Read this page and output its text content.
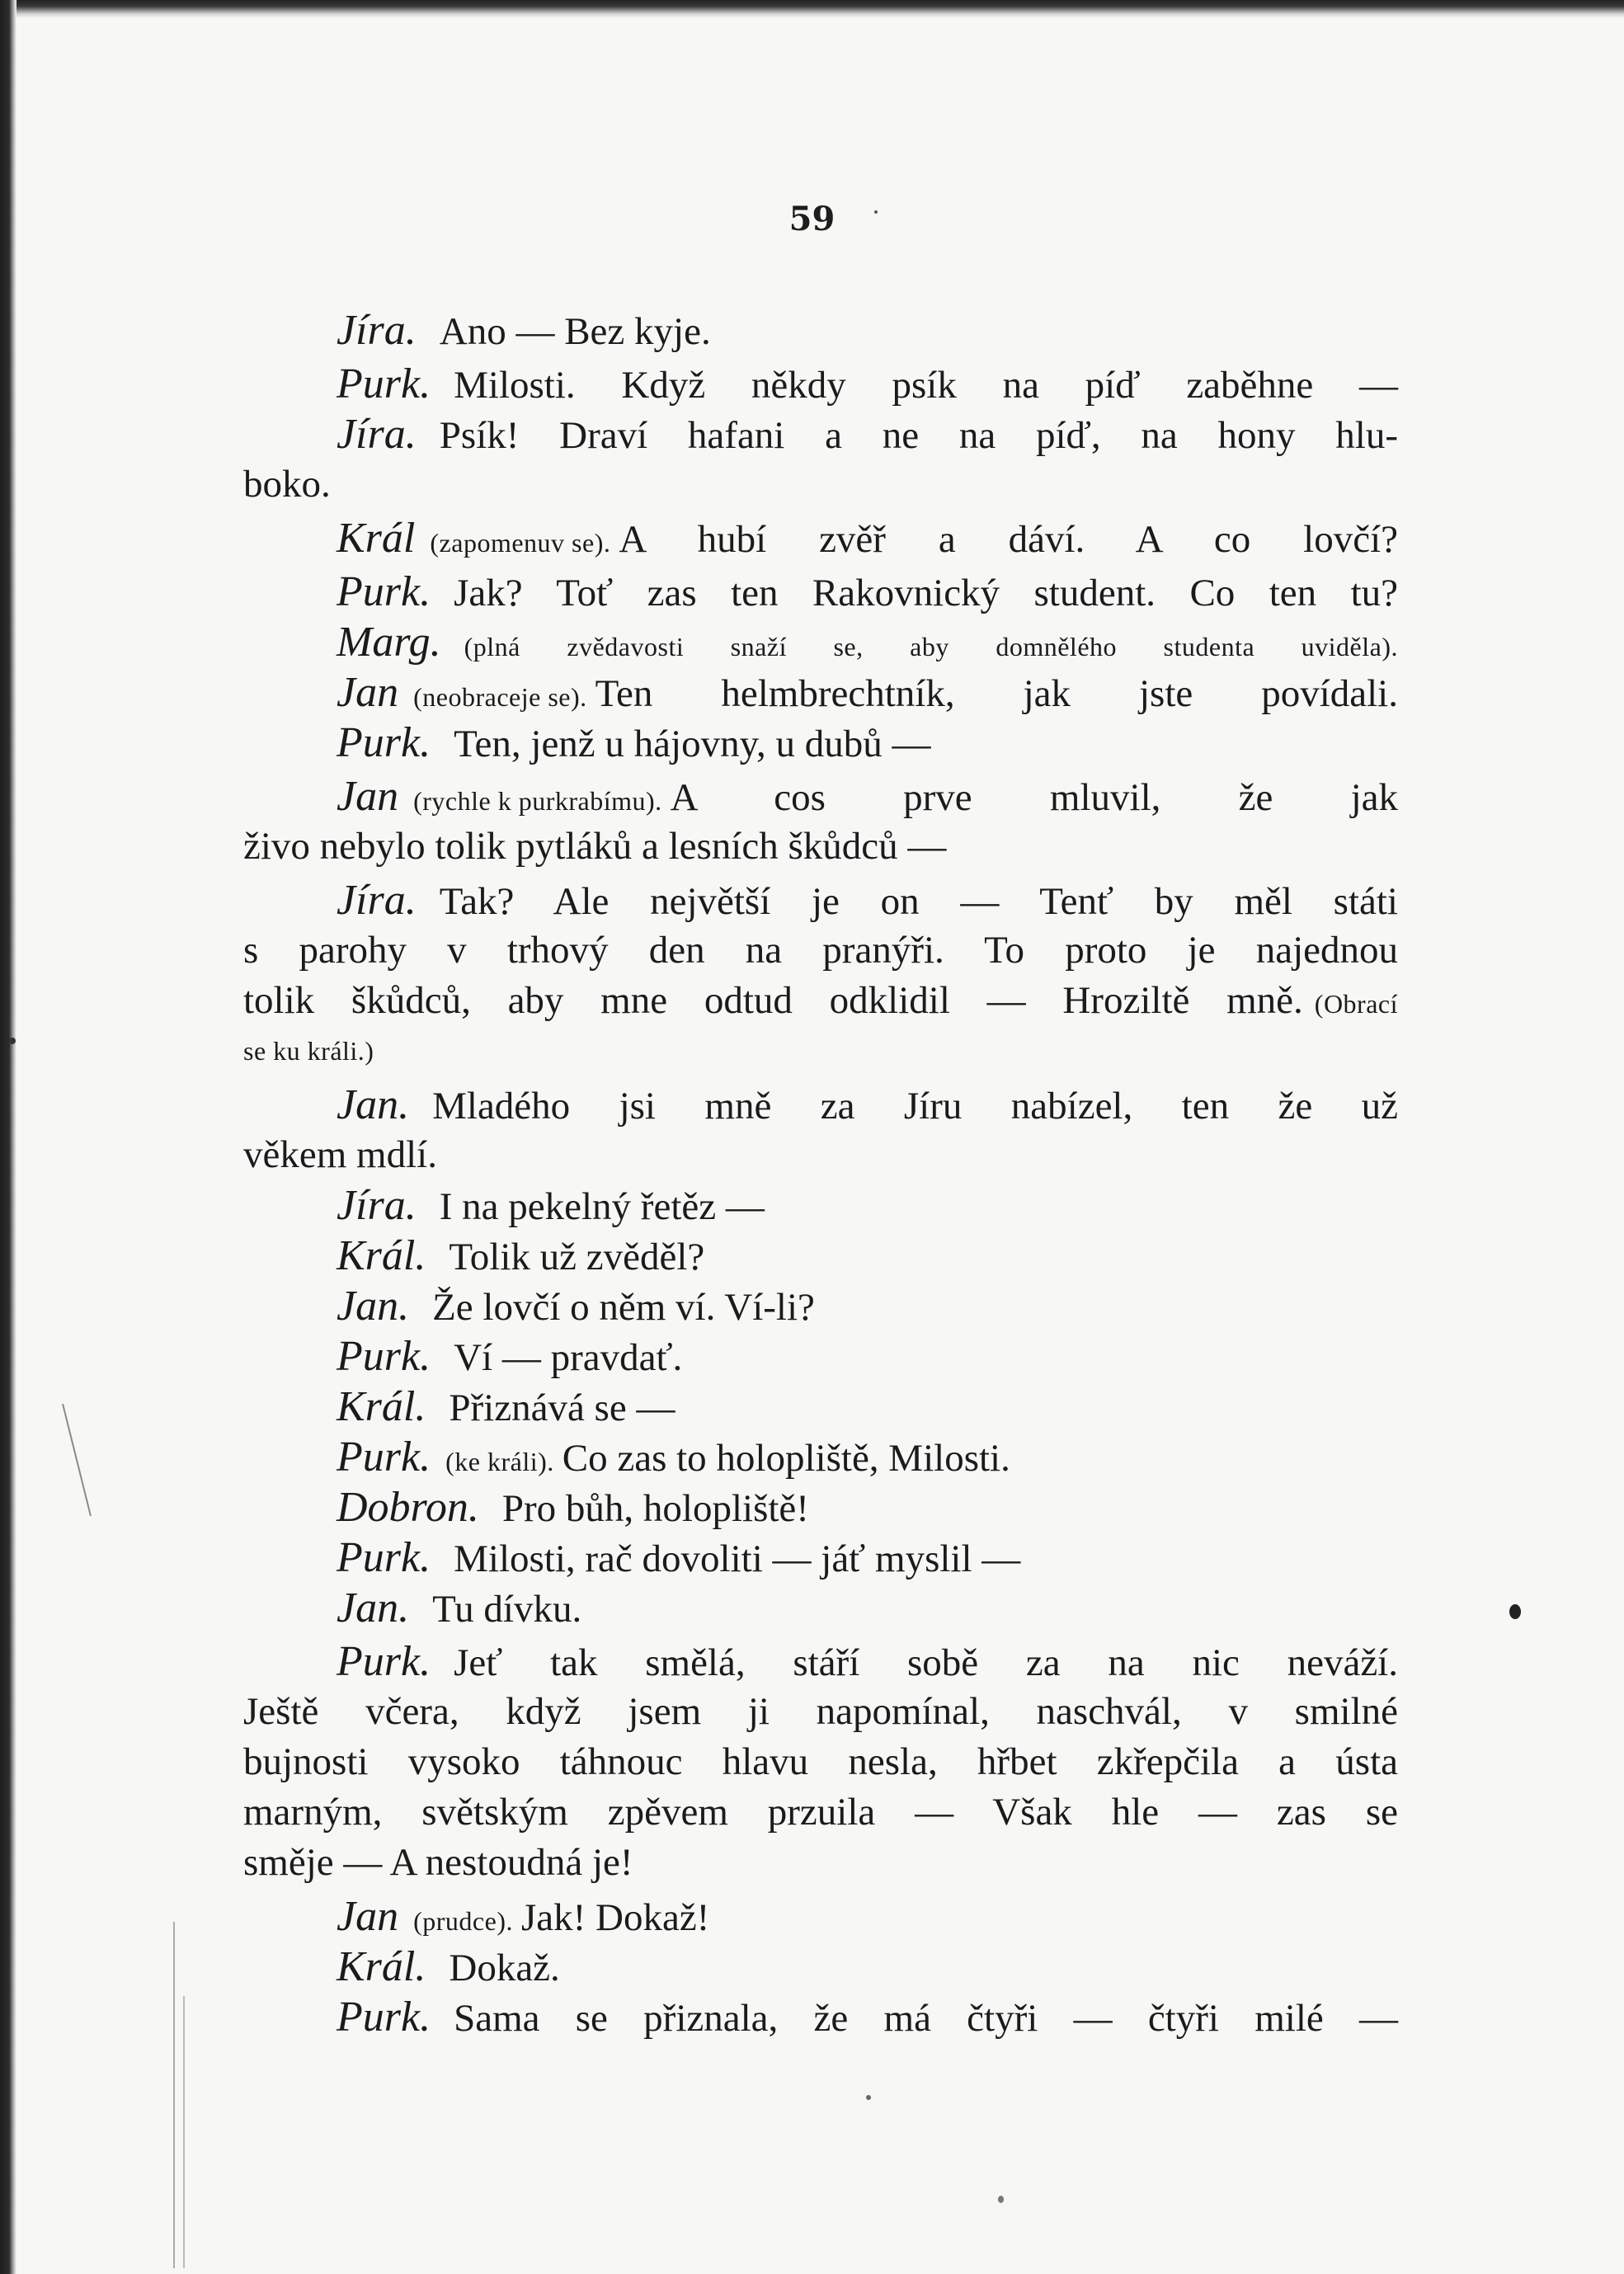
59
Jíra. Ano — Bez kyje.
Purk. Milosti. Když někdy psík na píď zaběhne —
Jíra. Psík! Draví hafani a ne na píď, na hony hlu-
boko.
Král (zapomenuv se). A hubí zvěř a dáví. A co lovčí?
Purk. Jak? Toť zas ten Rakovnický student. Co ten tu?
Marg. (plná zvědavosti snaží se, aby domnělého studenta uviděla).
Jan (neobraceje se). Ten helmbrechtník, jak jste povídali.
Purk. Ten, jenž u hájovny, u dubů —
Jan (rychle k purkrabímu). A cos prve mluvil, že jak
živo nebylo tolik pytláků a lesních škůdců —
Jíra. Tak? Ale největší je on — Tenť by měl státi
s parohy v trhový den na pranýři. To proto je najednou
tolik škůdců, aby mne odtud odklidil — Hroziltě mně. (Obrací
se ku králi.)
Jan. Mladého jsi mně za Jíru nabízel, ten že už
věkem mdlí.
Jíra. I na pekelný řetěz —
Král. Tolik už zvěděl?
Jan. Že lovčí o něm ví. Ví-li?
Purk. Ví — pravdať.
Král. Přiznává se —
Purk. (ke králi). Co zas to holopliště, Milosti.
Dobron. Pro bůh, holopliště!
Purk. Milosti, rač dovoliti — jáť myslil —
Jan. Tu dívku.
Purk. Jeť tak smělá, stáří sobě za na nic neváží.
Ještě včera, když jsem ji napomínal, naschvál, v smilné
bujnosti vysoko táhnouc hlavu nesla, hřbet zkřepčila a ústa
marným, světským zpěvem przuila — Však hle — zas se
směje — A nestoudná je!
Jan (prudce). Jak! Dokaž!
Král. Dokaž.
Purk. Sama se přiznala, že má čtyři — čtyři milé —
